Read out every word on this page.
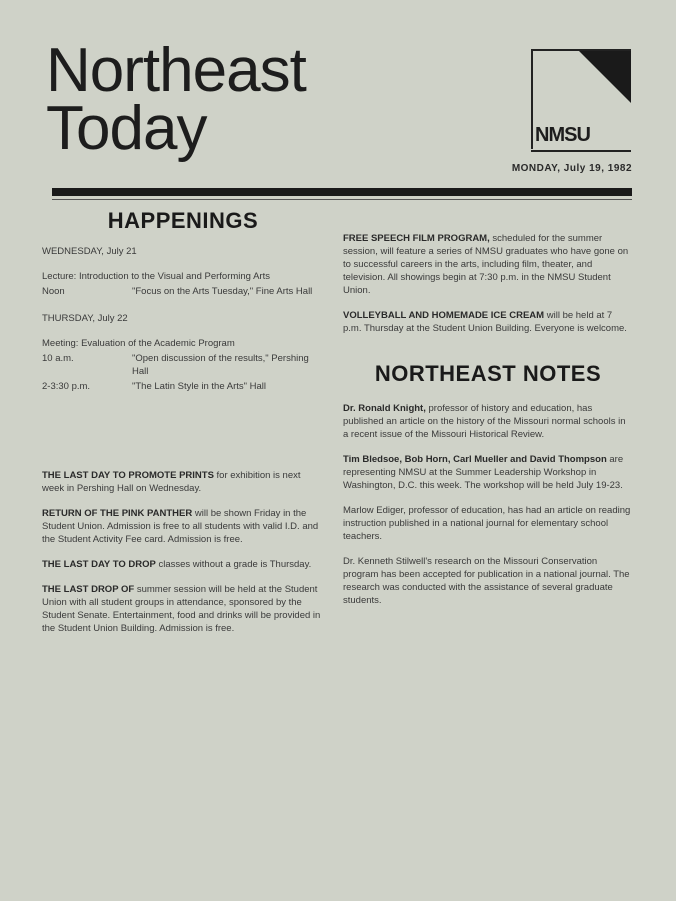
Northeast
Today	NMSU
MONDAY, July 19, 1982
HAPPENINGS
WEDNESDAY, July 21
Lecture: Introduction to the Visual and Performing Arts
Noon	"Focus on the Arts Tuesday," Fine Arts Hall
THURSDAY, July 22
Meeting: Evaluation of the Academic Program
10 a.m.	"Open discussion of the results," Pershing Hall
2-3:30 p.m.	"The Latin Style in the Arts" Hall

THE LAST DAY TO PROMOTE PRINTS for exhibition is next week in Pershing Hall on Wednesday.

RETURN OF THE PINK PANTHER will be shown Friday in the Student Union. Admission is free to all students with valid I.D. and the Student Activity Fee card. Admission is free.

THE LAST DAY TO DROP classes without a grade is Thursday.

THE LAST DROP OF summer session will be held at the Student Union with all student groups in attendance, sponsored by the Student Senate. Entertainment, food and drinks will be provided in the Student Union Building. Admission is free.

FREE SPEECH FILM PROGRAM, scheduled for the summer session, will feature a series of NMSU graduates who have gone on to successful careers in the arts, including film, theater, and television. All showings begin at 7:30 p.m. in the NMSU Student Union.

VOLLEYBALL AND HOMEMADE ICE CREAM will be held at 7 p.m. Thursday at the Student Union Building. Everyone is welcome.

NORTHEAST NOTES

Dr. Ronald Knight, professor of history and education, has published an article on the history of the Missouri normal schools in a recent issue of the Missouri Historical Review.

Tim Bledsoe, Bob Horn, Carl Mueller and David Thompson are representing NMSU at the Summer Leadership Workshop in Washington, D.C. this week. The workshop will be held July 19-23.

Marlow Ediger, professor of education, has had an article on reading instruction published in a national journal for elementary school teachers.

Dr. Kenneth Stilwell's research on the Missouri Conservation program has been accepted for publication in a national journal. The research was conducted with the assistance of several graduate students.
